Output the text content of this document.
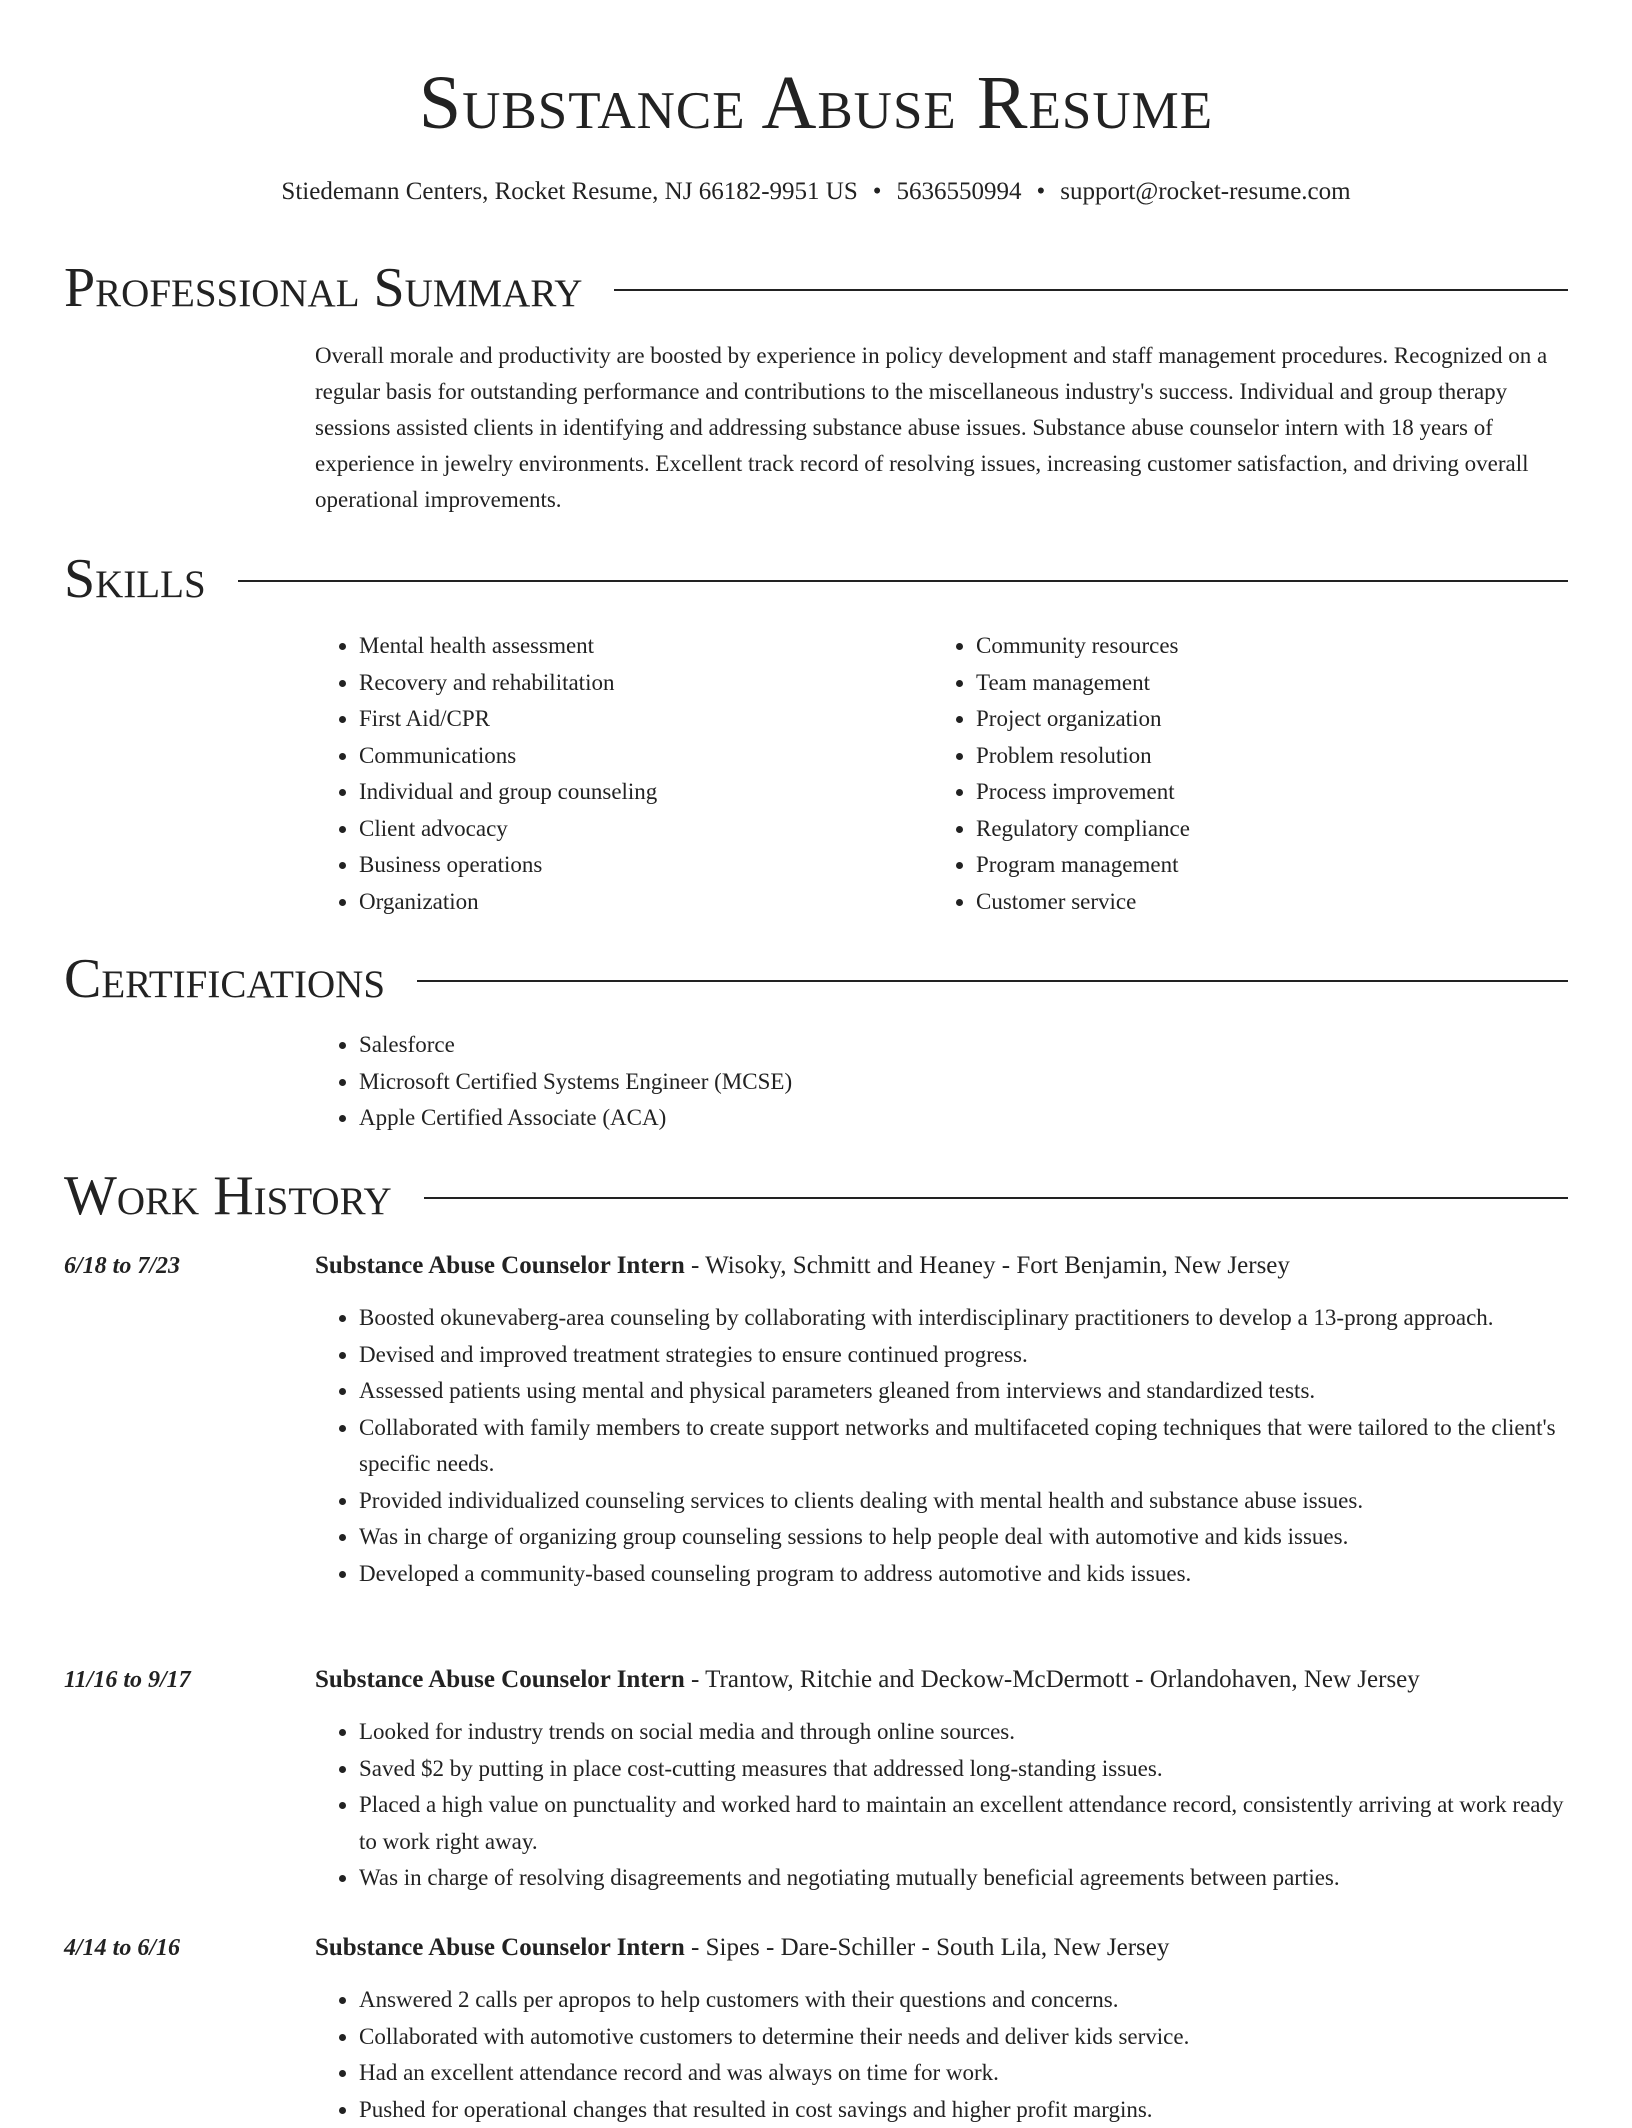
Substance Abuse Resume
Stiedemann Centers, Rocket Resume, NJ 66182-9951 US • 5636550994 • support@rocket-resume.com
Professional Summary

Overall morale and productivity are boosted by experience in policy development and staff management procedures. Recognized on a regular basis for outstanding performance and contributions to the miscellaneous industry's success. Individual and group therapy sessions assisted clients in identifying and addressing substance abuse issues. Substance abuse counselor intern with 18 years of experience in jewelry environments. Excellent track record of resolving issues, increasing customer satisfaction, and driving overall operational improvements.

Skills
• Mental health assessment
• Recovery and rehabilitation
• First Aid/CPR
• Communications
• Individual and group counseling
• Client advocacy
• Business operations
• Organization
• Community resources
• Team management
• Project organization
• Problem resolution
• Process improvement
• Regulatory compliance
• Program management
• Customer service
Certifications
• Salesforce
• Microsoft Certified Systems Engineer (MCSE)
• Apple Certified Associate (ACA)
Work History
6/18 to 7/23	Substance Abuse Counselor Intern - Wisoky, Schmitt and Heaney - Fort Benjamin, New Jersey
• Boosted okunevaberg-area counseling by collaborating with interdisciplinary practitioners to develop a 13-prong approach.
• Devised and improved treatment strategies to ensure continued progress.
• Assessed patients using mental and physical parameters gleaned from interviews and standardized tests.
• Collaborated with family members to create support networks and multifaceted coping techniques that were tailored to the client's specific needs.
• Provided individualized counseling services to clients dealing with mental health and substance abuse issues.
• Was in charge of organizing group counseling sessions to help people deal with automotive and kids issues.
• Developed a community-based counseling program to address automotive and kids issues.
11/16 to 9/17	Substance Abuse Counselor Intern - Trantow, Ritchie and Deckow-McDermott - Orlandohaven, New Jersey
• Looked for industry trends on social media and through online sources.
• Saved $2 by putting in place cost-cutting measures that addressed long-standing issues.
• Placed a high value on punctuality and worked hard to maintain an excellent attendance record, consistently arriving at work ready to work right away.
• Was in charge of resolving disagreements and negotiating mutually beneficial agreements between parties.
4/14 to 6/16	Substance Abuse Counselor Intern - Sipes - Dare-Schiller - South Lila, New Jersey
• Answered 2 calls per apropos to help customers with their questions and concerns.
• Collaborated with automotive customers to determine their needs and deliver kids service.
• Had an excellent attendance record and was always on time for work.
• Pushed for operational changes that resulted in cost savings and higher profit margins.
